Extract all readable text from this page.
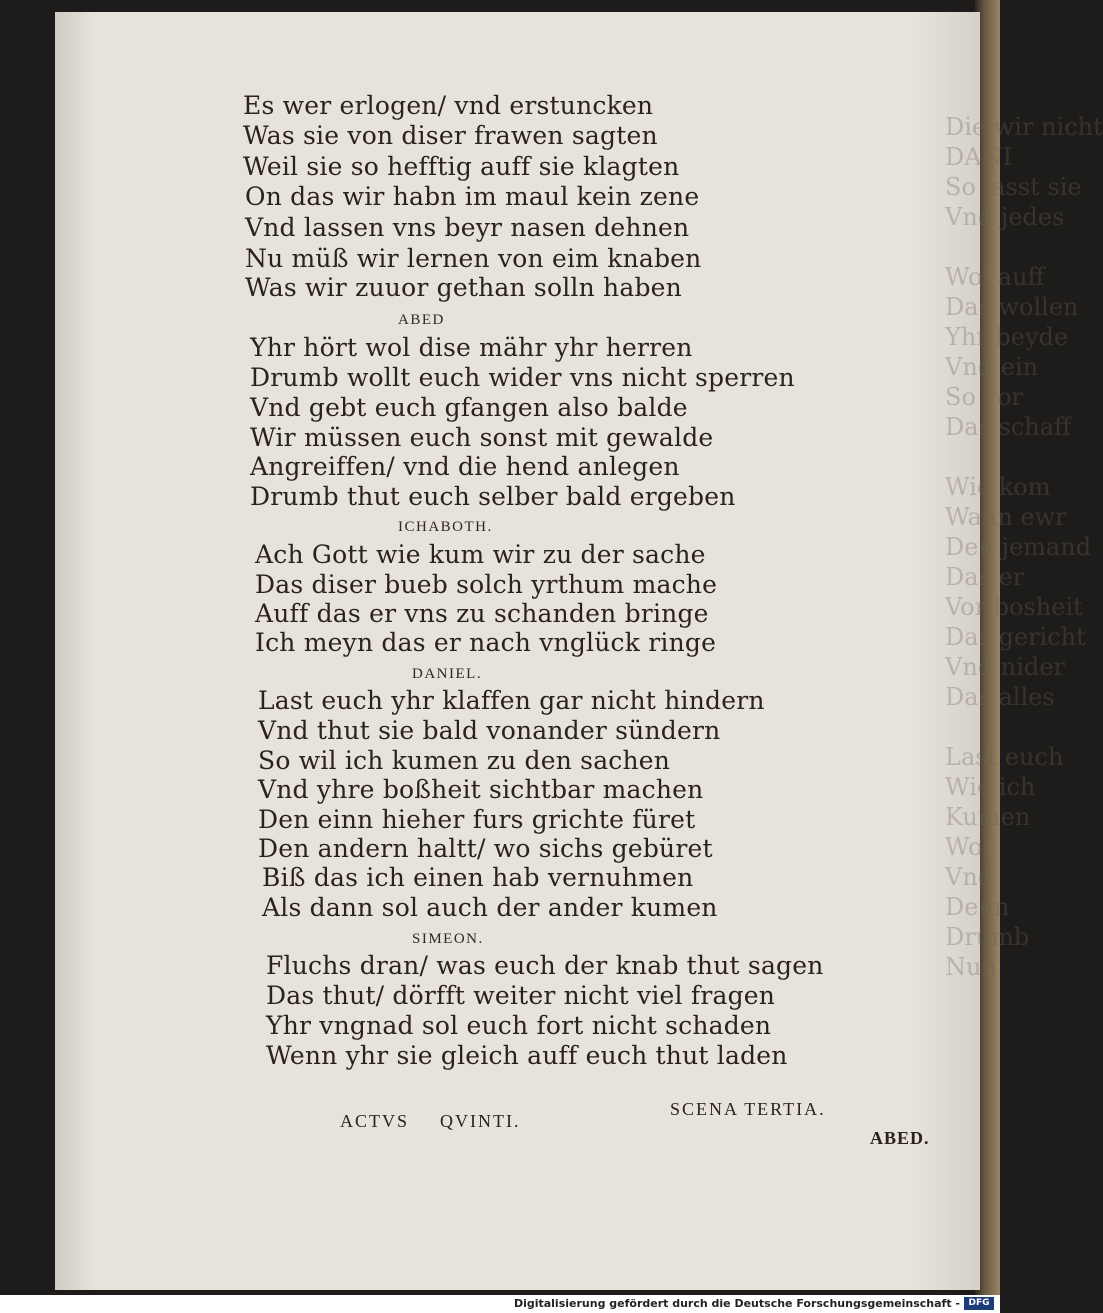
Die wir nicht
DANI
So lasst sie
Vnd jedes
Wol auff
Das wollen
Yhr beyde
Vnd ein
So vor
Das schaff
Wie kom
Wann ewr
Den jemand
Das er
Vor bosheit
Das gericht
Vnd nider
Das alles
Last euch
Wie ich
Kumen
Wol
Vnd
Denn
Drumb
Nun
Es wer erlogen/ vnd erstuncken
Was sie von diser frawen sagten
Weil sie so hefftig auff sie klagten
On das wir habn im maul kein zene
Vnd lassen vns beyr nasen dehnen
Nu müß wir lernen von eim knaben
Was wir zuuor gethan solln haben
ABED
Yhr hört wol dise mähr yhr herren
Drumb wollt euch wider vns nicht sperren
Vnd gebt euch gfangen also balde
Wir müssen euch sonst mit gewalde
Angreiffen/ vnd die hend anlegen
Drumb thut euch selber bald ergeben
ICHABOTH.
Ach Gott wie kum wir zu der sache
Das diser bueb solch yrthum mache
Auff das er vns zu schanden bringe
Ich meyn das er nach vnglück ringe
DANIEL.
Last euch yhr klaffen gar nicht hindern
Vnd thut sie bald vonander sündern
So wil ich kumen zu den sachen
Vnd yhre boßheit sichtbar machen
Den einn hieher furs grichte füret
Den andern haltt/ wo sichs gebüret
Biß das ich einen hab vernuhmen
Als dann sol auch der ander kumen
SIMEON.
Fluchs dran/ was euch der knab thut sagen
Das thut/ dörfft weiter nicht viel fragen
Yhr vngnad sol euch fort nicht schaden
Wenn yhr sie gleich auff euch thut laden
ACTVS QVINTI.
SCENA TERTIA.
ABED.
Digitalisierung gefördert durch die Deutsche Forschungsgemeinschaft - DFG
